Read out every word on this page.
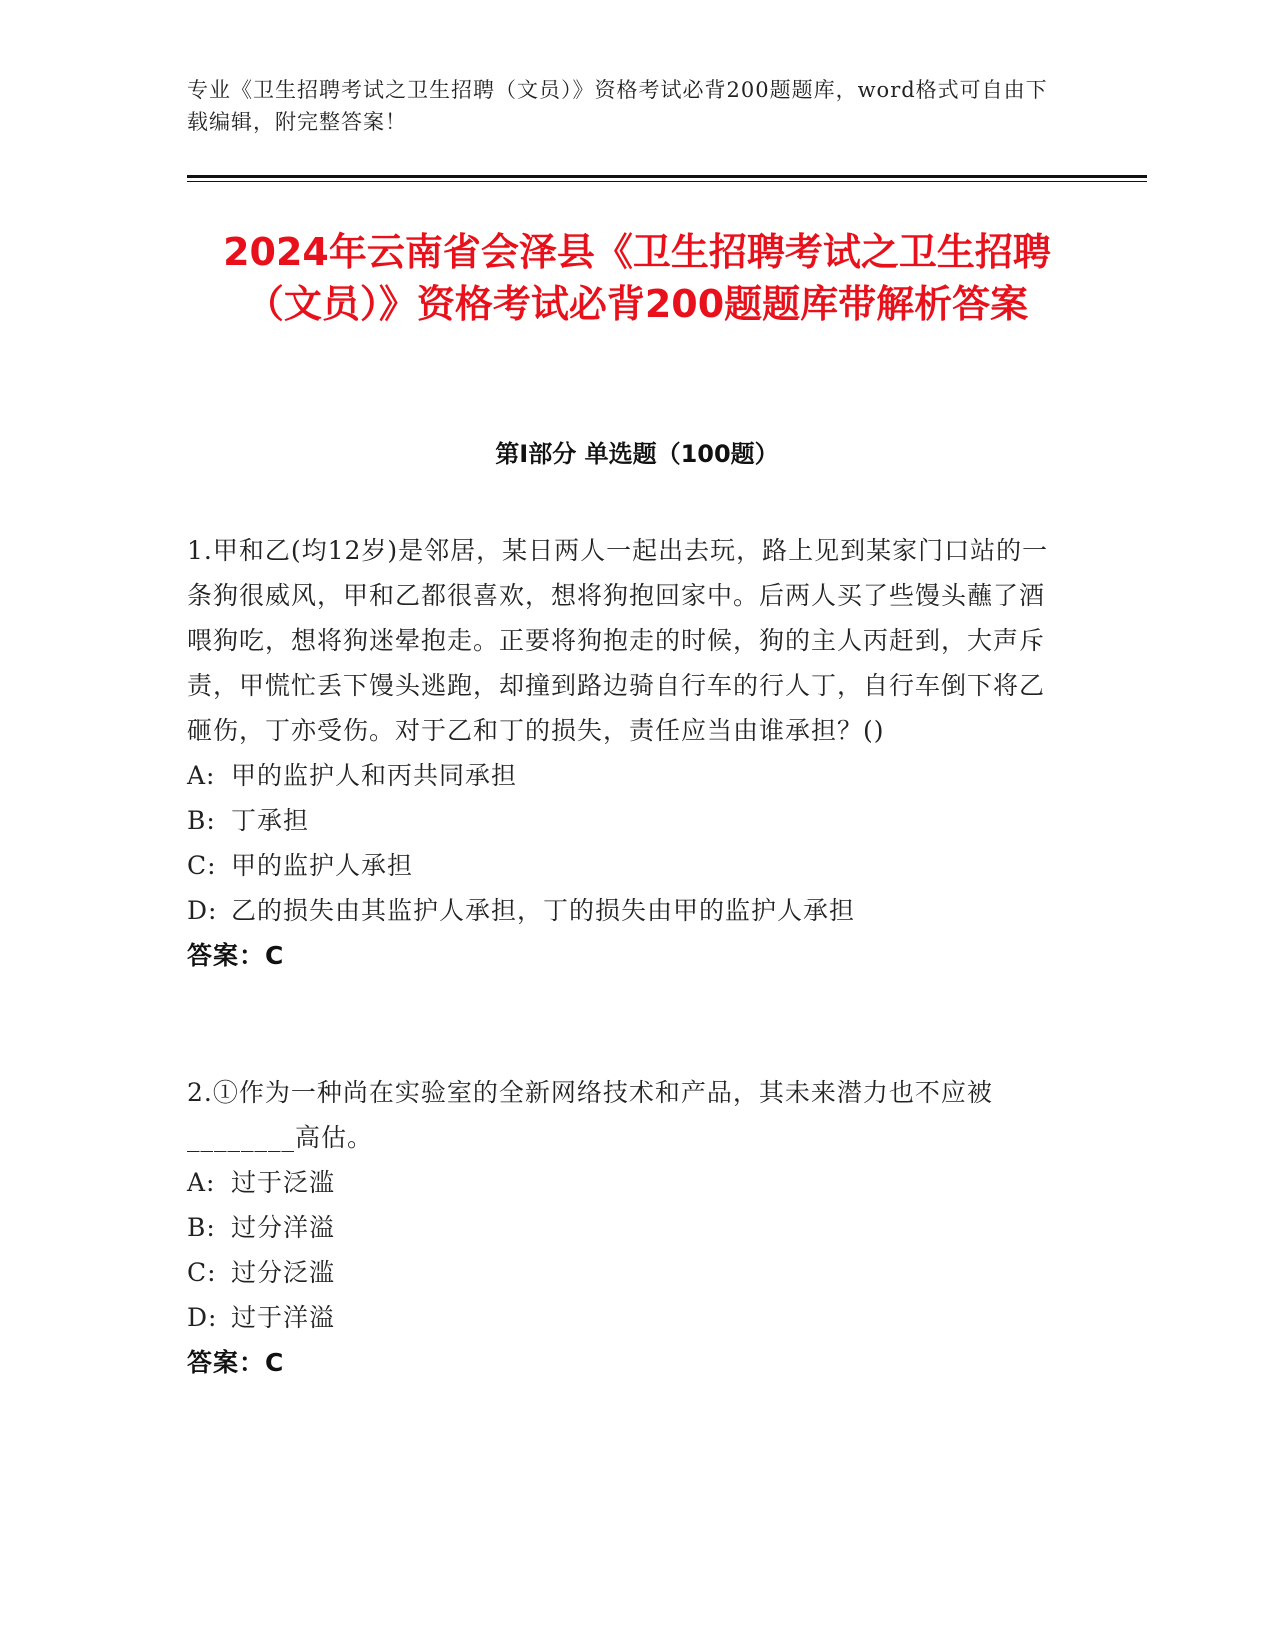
专业《卫生招聘考试之卫生招聘（文员）》资格考试必背200题题库，word格式可自由下载编辑，附完整答案！
2024年云南省会泽县《卫生招聘考试之卫生招聘（文员）》资格考试必背200题题库带解析答案
第Ⅰ部分 单选题（100题）
1.甲和乙(均12岁)是邻居，某日两人一起出去玩，路上见到某家门口站的一条狗很威风，甲和乙都很喜欢，想将狗抱回家中。后两人买了些馒头蘸了酒喂狗吃，想将狗迷晕抱走。正要将狗抱走的时候，狗的主人丙赶到，大声斥责，甲慌忙丢下馒头逃跑，却撞到路边骑自行车的行人丁，自行车倒下将乙砸伤，丁亦受伤。对于乙和丁的损失，责任应当由谁承担？()
A: 甲的监护人和丙共同承担
B: 丁承担
C: 甲的监护人承担
D: 乙的损失由其监护人承担，丁的损失由甲的监护人承担
答案：C
2.①作为一种尚在实验室的全新网络技术和产品，其未来潜力也不应被________高估。
A: 过于泛滥
B: 过分洋溢
C: 过分泛滥
D: 过于洋溢
答案：C
